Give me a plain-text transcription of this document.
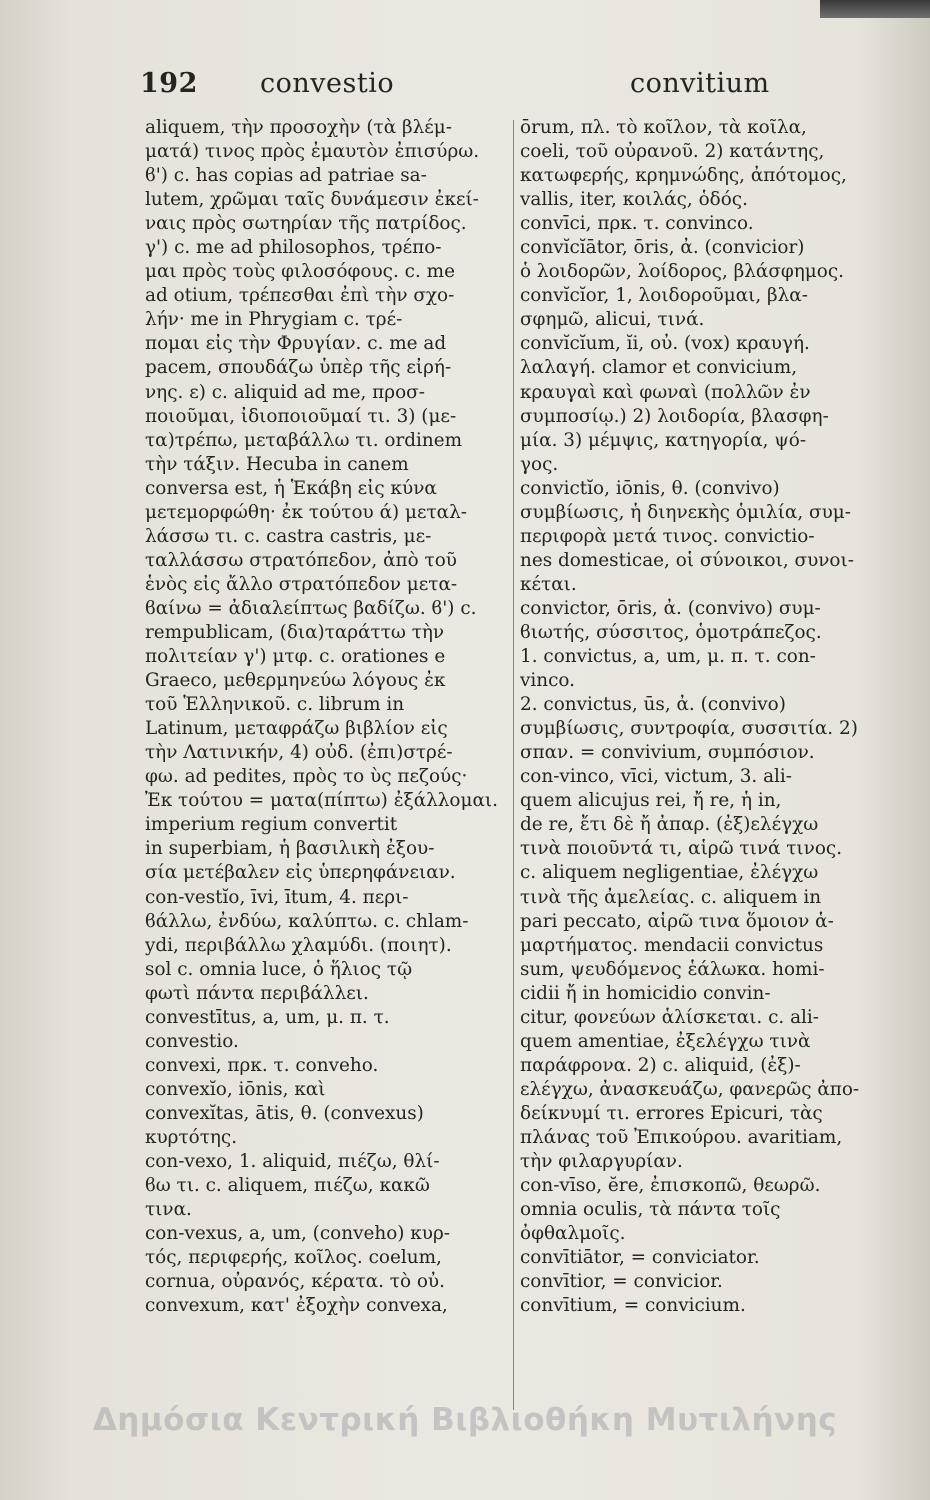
192 convestio	convitium
aliquem, τὴν προσοχὴν (τὰ βλέμ-
ματά) τινος πρὸς ἐμαυτὸν ἐπισύρω.
ϐ') c. has copias ad patriae sa-
lutem, χρῶμαι ταῖς δυνάμεσιν ἐκεί-
ναις πρὸς σωτηρίαν τῆς πατρίδος.
γ') c. me ad philosophos, τρέπο-
μαι πρὸς τοὺς φιλοσόφους. c. me
ad otium, τρέπεσθαι ἐπὶ τὴν σχο-
λήν· me in Phrygiam c. τρέ-
πομαι εἰς τὴν Φρυγίαν. c. me ad
pacem, σπουδάζω ὑπὲρ τῆς εἰρή-
νης. ε) c. aliquid ad me, προσ-
ποιοῦμαι, ἰδιοποιοῦμαί τι. 3) (με-
τα)τρέπω, μεταβάλλω τι. ordinem
τὴν τάξιν. Hecuba in canem
conversa est, ἡ Ἑκάβη εἰς κύνα
μετεμορφώθη· ἐκ τούτου ά) μεταλ-
λάσσω τι. c. castra castris, με-
ταλλάσσω στρατόπεδον, ἀπὸ τοῦ
ἑνὸς εἰς ἄλλο στρατόπεδον μετα-
ϐαίνω = ἀδιαλείπτως βαδίζω. ϐ') c.
rempublicam, (δια)ταράττω τὴν
πολιτείαν γ') μτφ. c. orationes e
Graeco, μεθερμηνεύω λόγους ἐκ
τοῦ Ἑλληνικοῦ. c. librum in
Latinum, μεταφράζω βιβλίον εἰς
τὴν Λατινικήν, 4) οὐδ. (ἐπι)στρέ-
φω. ad pedites, πρὸς το ὺς πεζούς·
Ἐκ τούτου = ματα(πίπτω) ἐξάλλομαι.
imperium regium convertit
in superbiam, ἡ βασιλικὴ ἐξου-
σία μετέβαλεν εἰς ὑπερηφάνειαν.
con-vestĭo, īvi, ītum, 4. περι-
ϐάλλω, ἐνδύω, καλύπτω. c. chlam-
ydi, περιβάλλω χλαμύδι. (ποιητ).
sol c. omnia luce, ὁ ἥλιος τῷ
φωτὶ πάντα περιβάλλει.
convestītus, a, um, μ. π. τ.
convestio.
convexi, πρκ. τ. conveho.
convexĭo, iōnis, καὶ
convexĭtas, ātis, θ. (convexus)
κυρτότης.
con-vexo, 1. aliquid, πιέζω, θλί-
ϐω τι. c. aliquem, πιέζω, κακῶ
τινα.
con-vexus, a, um, (conveho) κυρ-
τός, περιφερής, κοῖλος. coelum,
cornua, οὐρανός, κέρατα. τὸ οὐ.
convexum, κατ' ἐξοχὴν convexa,
ōrum, πλ. τὸ κοῖλον, τὰ κοῖλα,
coeli, τοῦ οὐρανοῦ. 2) κατάντης,
κατωφερής, κρημνώδης, ἀπότομος,
vallis, iter, κοιλάς, ὁδός.
convīci, πρκ. τ. convinco.
convĭcĭātor, ōris, ἀ. (convicior)
ὁ λοιδορῶν, λοίδορος, βλάσφημος.
convĭcĭor, 1, λοιδοροῦμαι, βλα-
σφημῶ, alicui, τινά.
convĭcĭum, ĭi, οὐ. (vox) κραυγή.
λαλαγή. clamor et convicium,
κραυγαὶ καὶ φωναὶ (πολλῶν ἐν
συμποσίῳ.) 2) λοιδορία, βλασφη-
μία. 3) μέμψις, κατηγορία, ψό-
γος.
convictĭo, iōnis, θ. (convivo)
συμβίωσις, ἡ διηνεκὴς ὁμιλία, συμ-
περιφορὰ μετά τινος. convictio-
nes domesticae, οἱ σύνοικοι, συνοι-
κέται.
convictor, ōris, ἀ. (convivo) συμ-
ϐιωτής, σύσσιτος, ὁμοτράπεζος.
1. convictus, a, um, μ. π. τ. con-
vinco.
2. convictus, ūs, ἀ. (convivo)
συμβίωσις, συντροφία, συσσιτία. 2)
σπαν. = convivium, συμπόσιον.
con-vinco, vīci, victum, 3. ali-
quem alicujus rei, ἤ re, ἡ in,
de re, ἔτι δὲ ἤ ἀπαρ. (ἐξ)ελέγχω
τινὰ ποιοῦντά τι, αἱρῶ τινά τινος.
c. aliquem negligentiae, ἐλέγχω
τινὰ τῆς ἀμελείας. c. aliquem in
pari peccato, αἱρῶ τινα ὅμοιον ἁ-
μαρτήματος. mendacii convictus
sum, ψευδόμενος ἑάλωκα. homi-
cidii ἤ in homicidio convin-
citur, φονεύων ἁλίσκεται. c. ali-
quem amentiae, ἐξελέγχω τινὰ
παράφρονα. 2) c. aliquid, (ἐξ)-
ελέγχω, ἀνασκευάζω, φανερῶς ἀπο-
δείκνυμί τι. errores Epicuri, τὰς
πλάνας τοῦ Ἐπικούρου. avaritiam,
τὴν φιλαργυρίαν.
con-vīso, ĕre, ἐπισκοπῶ, θεωρῶ.
omnia oculis, τὰ πάντα τοῖς
ὀφθαλμοῖς.
convītiātor, = conviciator.
convītior, = convicior.
convītium, = convicium.
Δημόσια Κεντρική Βιβλιοθήκη Μυτιλήνης
